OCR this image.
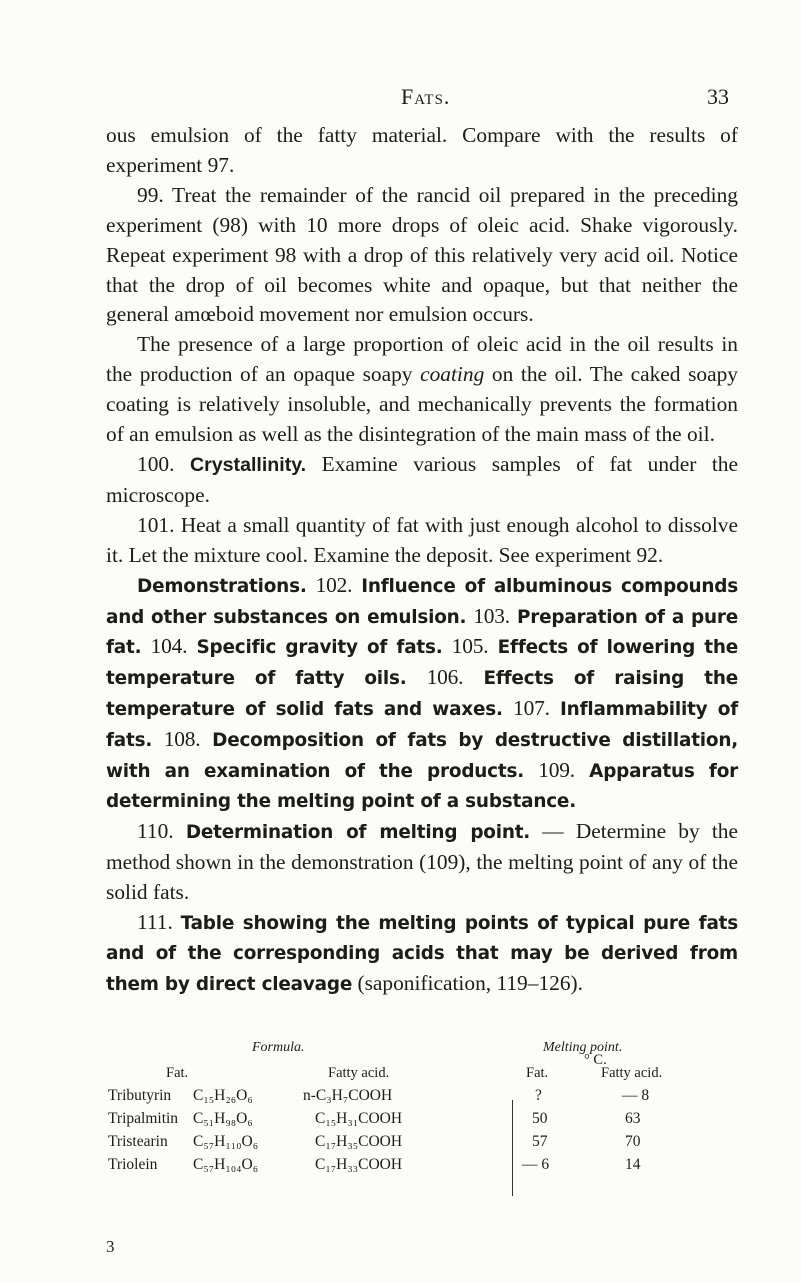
Fats.	33

ous emulsion of the fatty material. Compare with the results of experiment 97.

99. Treat the remainder of the rancid oil prepared in the preceding experiment (98) with 10 more drops of oleic acid. Shake vigorously. Repeat experiment 98 with a drop of this relatively very acid oil. Notice that the drop of oil becomes white and opaque, but that neither the general amœboid movement nor emulsion occurs.

The presence of a large proportion of oleic acid in the oil results in the production of an opaque soapy coating on the oil. The caked soapy coating is relatively insoluble, and mechanically prevents the formation of an emulsion as well as the disintegration of the main mass of the oil.

100. Crystallinity. Examine various samples of fat under the microscope.

101. Heat a small quantity of fat with just enough alcohol to dissolve it. Let the mixture cool. Examine the deposit. See experiment 92.

Demonstrations. 102. Influence of albuminous compounds and other substances on emulsion. 103. Preparation of a pure fat. 104. Specific gravity of fats. 105. Effects of lowering the temperature of fatty oils. 106. Effects of raising the temperature of solid fats and waxes. 107. Inflammability of fats. 108. Decomposition of fats by destructive distillation, with an examination of the products. 109. Apparatus for determining the melting point of a substance.

110. Determination of melting point. — Determine by the method shown in the demonstration (109), the melting point of any of the solid fats.

111. Table showing the melting points of typical pure fats and of the corresponding acids that may be derived from them by direct cleavage (saponification, 119–126).

Formula.	Melting point.
° C.
Fat.	Fatty acid.	Fat.	Fatty acid.
Tributyrin C₁₅H₂₆O₆	n-C₃H₇COOH	?	— 8
Tripalmitin C₅₁H₉₈O₆	C₁₅H₃₁COOH	50	63
Tristearin C₅₇H₁₁₀O₆	C₁₇H₃₅COOH	57	70
Triolein C₅₇H₁₀₄O₆	C₁₇H₃₃COOH	— 6	14
3
